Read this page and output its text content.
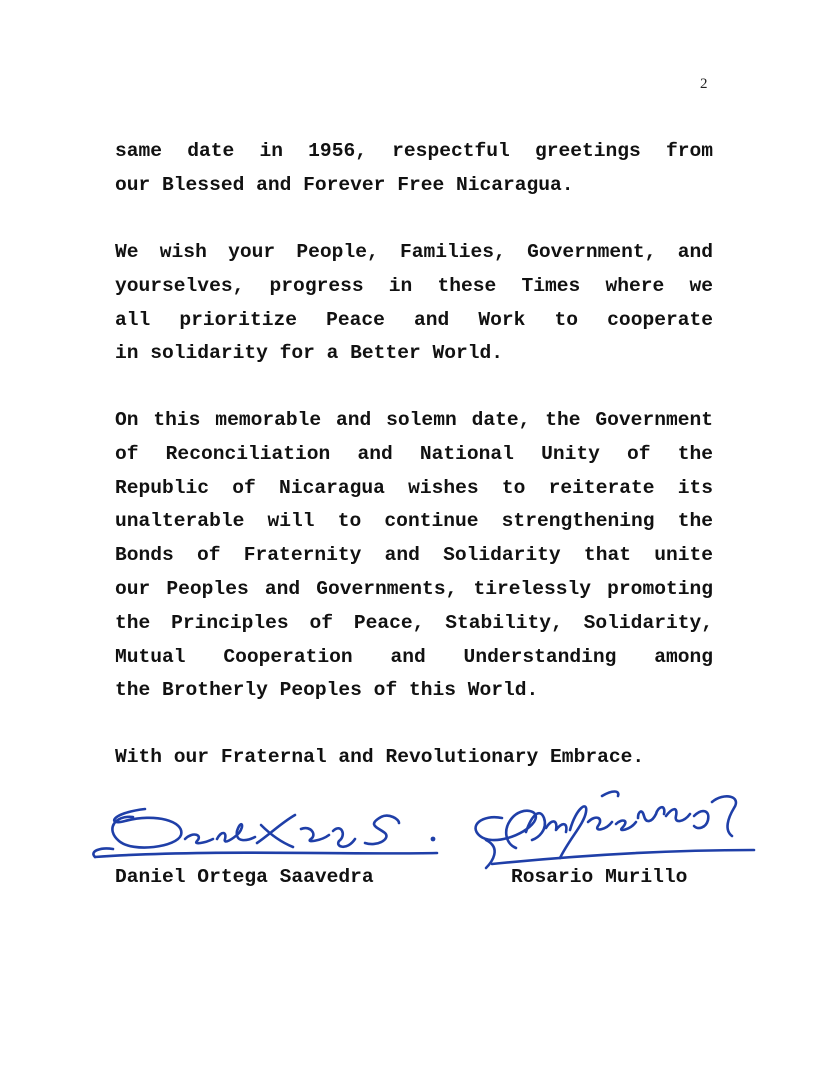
2

same date in 1956, respectful greetings from
our Blessed and Forever Free Nicaragua.

We wish your People, Families, Government, and
yourselves, progress in these Times where we
all prioritize Peace and Work to cooperate
in solidarity for a Better World.

On this memorable and solemn date, the Government
of Reconciliation and National Unity of the
Republic of Nicaragua wishes to reiterate its
unalterable will to continue strengthening the
Bonds of Fraternity and Solidarity that unite
our Peoples and Governments, tirelessly promoting
the Principles of Peace, Stability, Solidarity,
Mutual Cooperation and Understanding among
the Brotherly Peoples of this World.

With our Fraternal and Revolutionary Embrace.

Daniel Ortega Saavedra	Rosario Murillo
